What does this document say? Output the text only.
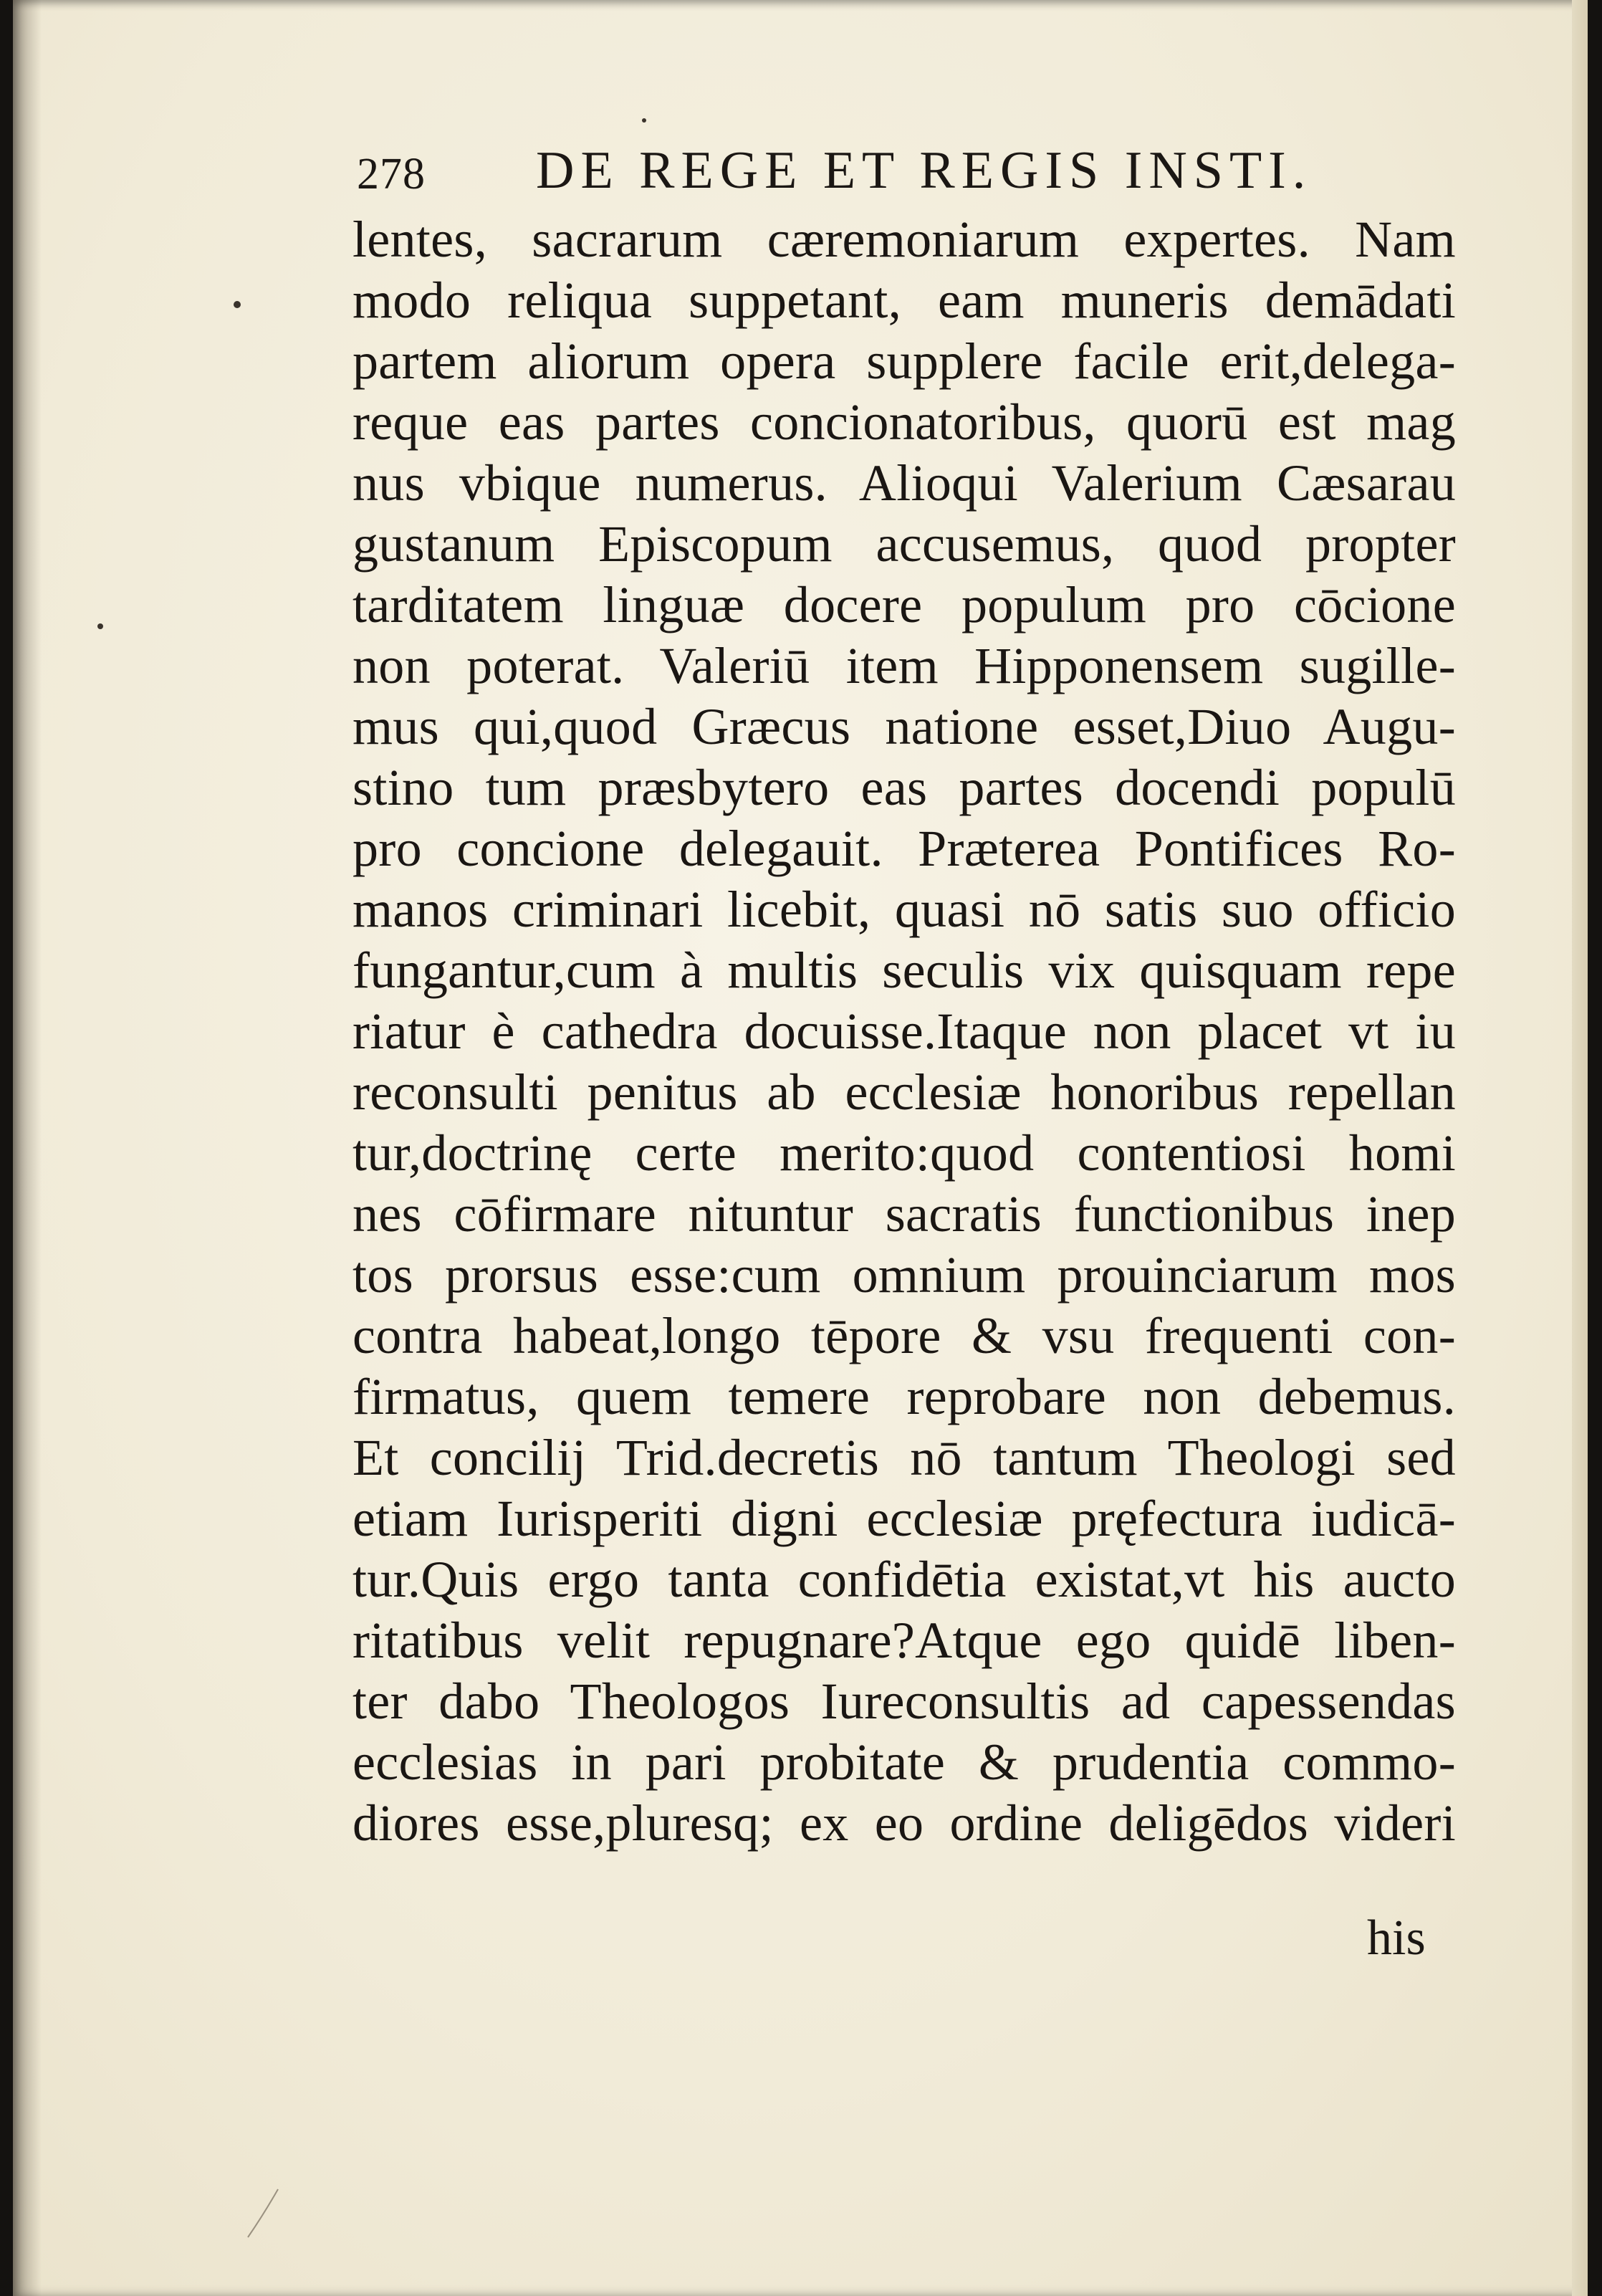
278 DE REGE ET REGIS INSTI.
lentes, sacrarum cæremoniarum expertes. Nam
modo reliqua suppetant, eam muneris demādati
partem aliorum opera supplere facile erit,delega-
reque eas partes concionatoribus, quorū est mag
nus vbique numerus. Alioqui Valerium Cæsarau
gustanum Episcopum accusemus, quod propter
tarditatem linguæ docere populum pro cōcione
non poterat. Valeriū item Hipponensem sugille-
mus qui,quod Græcus natione esset,Diuo Augu-
stino tum præsbytero eas partes docendi populū
pro concione delegauit. Præterea Pontifices Ro-
manos criminari licebit, quasi nō satis suo officio
fungantur,cum à multis seculis vix quisquam repe
riatur è cathedra docuisse.Itaque non placet vt iu
reconsulti penitus ab ecclesiæ honoribus repellan
tur,doctrinę certe merito:quod contentiosi homi
nes cōfirmare nituntur sacratis functionibus inep
tos prorsus esse:cum omnium prouinciarum mos
contra habeat,longo tēpore & vsu frequenti con-
firmatus, quem temere reprobare non debemus.
Et concilij Trid.decretis nō tantum Theologi sed
etiam Iurisperiti digni ecclesiæ pręfectura iudicā-
tur.Quis ergo tanta confidētia existat,vt his aucto
ritatibus velit repugnare?Atque ego quidē liben-
ter dabo Theologos Iureconsultis ad capessendas
ecclesias in pari probitate & prudentia commo-
diores esse,pluresq; ex eo ordine deligēdos videri
his
